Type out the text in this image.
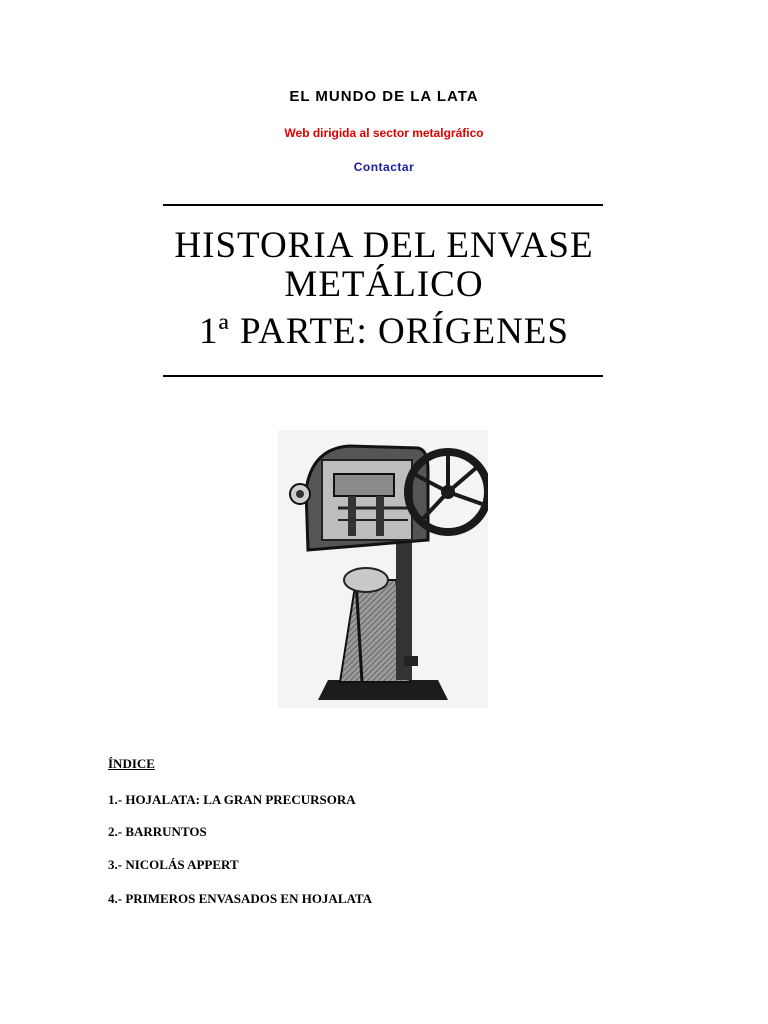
EL MUNDO DE LA LATA
Web dirigida al sector metalgráfico
Contactar
HISTORIA DEL ENVASE
METÁLICO
1ª PARTE: ORÍGENES
ÍNDICE
1.- HOJALATA: LA GRAN PRECURSORA
2.- BARRUNTOS
3.- NICOLÁS APPERT
4.- PRIMEROS ENVASADOS EN HOJALATA
